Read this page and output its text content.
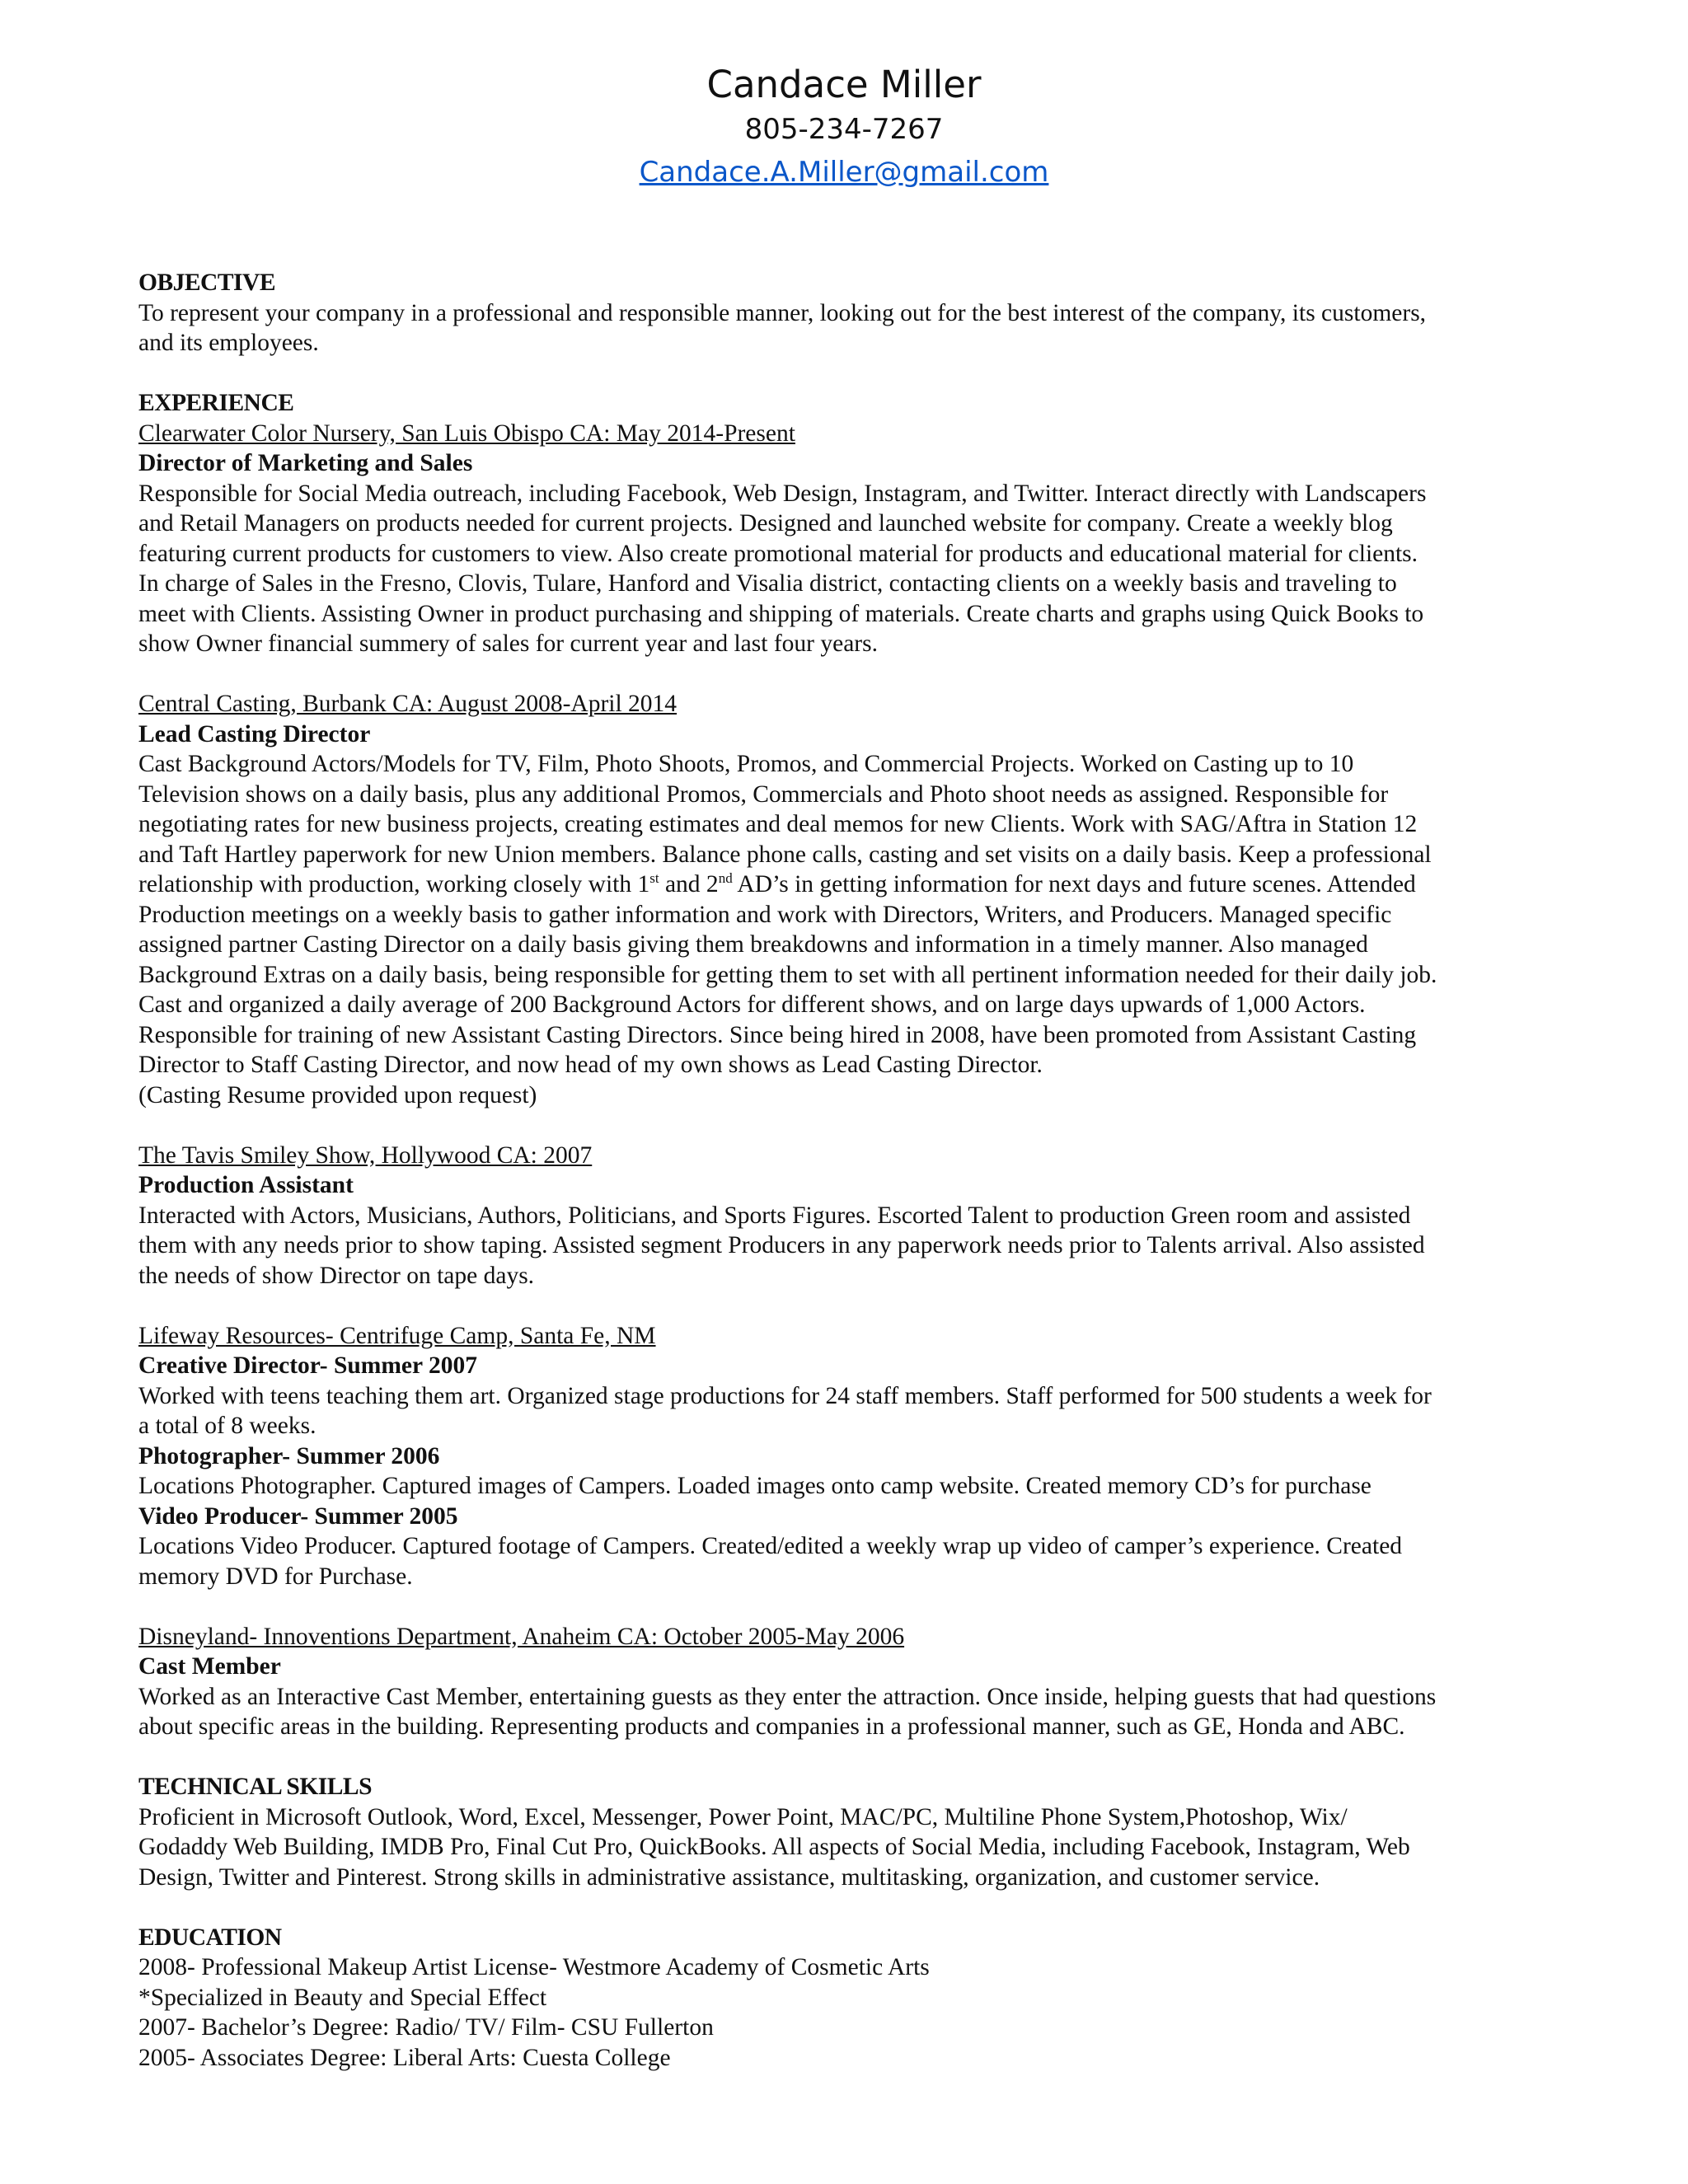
Candace Miller
805-234-7267
Candace.A.Miller@gmail.com
OBJECTIVE
To represent your company in a professional and responsible manner, looking out for the best interest of the company, its customers,
and its employees.
EXPERIENCE
Clearwater Color Nursery, San Luis Obispo CA: May 2014-Present
Director of Marketing and Sales
Responsible for Social Media outreach, including Facebook, Web Design, Instagram, and Twitter. Interact directly with Landscapers
and Retail Managers on products needed for current projects. Designed and launched website for company. Create a weekly blog
featuring current products for customers to view. Also create promotional material for products and educational material for clients.
In charge of Sales in the Fresno, Clovis, Tulare, Hanford and Visalia district, contacting clients on a weekly basis and traveling to
meet with Clients. Assisting Owner in product purchasing and shipping of materials. Create charts and graphs using Quick Books to
show Owner financial summery of sales for current year and last four years.
Central Casting, Burbank CA: August 2008-April 2014
Lead Casting Director
Cast Background Actors/Models for TV, Film, Photo Shoots, Promos, and Commercial Projects. Worked on Casting up to 10
Television shows on a daily basis, plus any additional Promos, Commercials and Photo shoot needs as assigned. Responsible for
negotiating rates for new business projects, creating estimates and deal memos for new Clients. Work with SAG/Aftra in Station 12
and Taft Hartley paperwork for new Union members. Balance phone calls, casting and set visits on a daily basis. Keep a professional
relationship with production, working closely with 1st and 2nd AD’s in getting information for next days and future scenes. Attended
Production meetings on a weekly basis to gather information and work with Directors, Writers, and Producers. Managed specific
assigned partner Casting Director on a daily basis giving them breakdowns and information in a timely manner. Also managed
Background Extras on a daily basis, being responsible for getting them to set with all pertinent information needed for their daily job.
Cast and organized a daily average of 200 Background Actors for different shows, and on large days upwards of 1,000 Actors.
Responsible for training of new Assistant Casting Directors. Since being hired in 2008, have been promoted from Assistant Casting
Director to Staff Casting Director, and now head of my own shows as Lead Casting Director.
(Casting Resume provided upon request)
The Tavis Smiley Show, Hollywood CA: 2007
Production Assistant
Interacted with Actors, Musicians, Authors, Politicians, and Sports Figures. Escorted Talent to production Green room and assisted
them with any needs prior to show taping. Assisted segment Producers in any paperwork needs prior to Talents arrival. Also assisted
the needs of show Director on tape days.
Lifeway Resources- Centrifuge Camp, Santa Fe, NM
Creative Director- Summer 2007
Worked with teens teaching them art. Organized stage productions for 24 staff members. Staff performed for 500 students a week for
a total of 8 weeks.
Photographer- Summer 2006
Locations Photographer. Captured images of Campers. Loaded images onto camp website. Created memory CD’s for purchase
Video Producer- Summer 2005
Locations Video Producer. Captured footage of Campers. Created/edited a weekly wrap up video of camper’s experience. Created
memory DVD for Purchase.
Disneyland- Innoventions Department, Anaheim CA: October 2005-May 2006
Cast Member
Worked as an Interactive Cast Member, entertaining guests as they enter the attraction. Once inside, helping guests that had questions
about specific areas in the building. Representing products and companies in a professional manner, such as GE, Honda and ABC.
TECHNICAL SKILLS
Proficient in Microsoft Outlook, Word, Excel, Messenger, Power Point, MAC/PC, Multiline Phone System,Photoshop, Wix/
Godaddy Web Building, IMDB Pro, Final Cut Pro, QuickBooks. All aspects of Social Media, including Facebook, Instagram, Web
Design, Twitter and Pinterest. Strong skills in administrative assistance, multitasking, organization, and customer service.
EDUCATION
2008- Professional Makeup Artist License- Westmore Academy of Cosmetic Arts
*Specialized in Beauty and Special Effect
2007- Bachelor’s Degree: Radio/ TV/ Film- CSU Fullerton
2005- Associates Degree: Liberal Arts: Cuesta College
